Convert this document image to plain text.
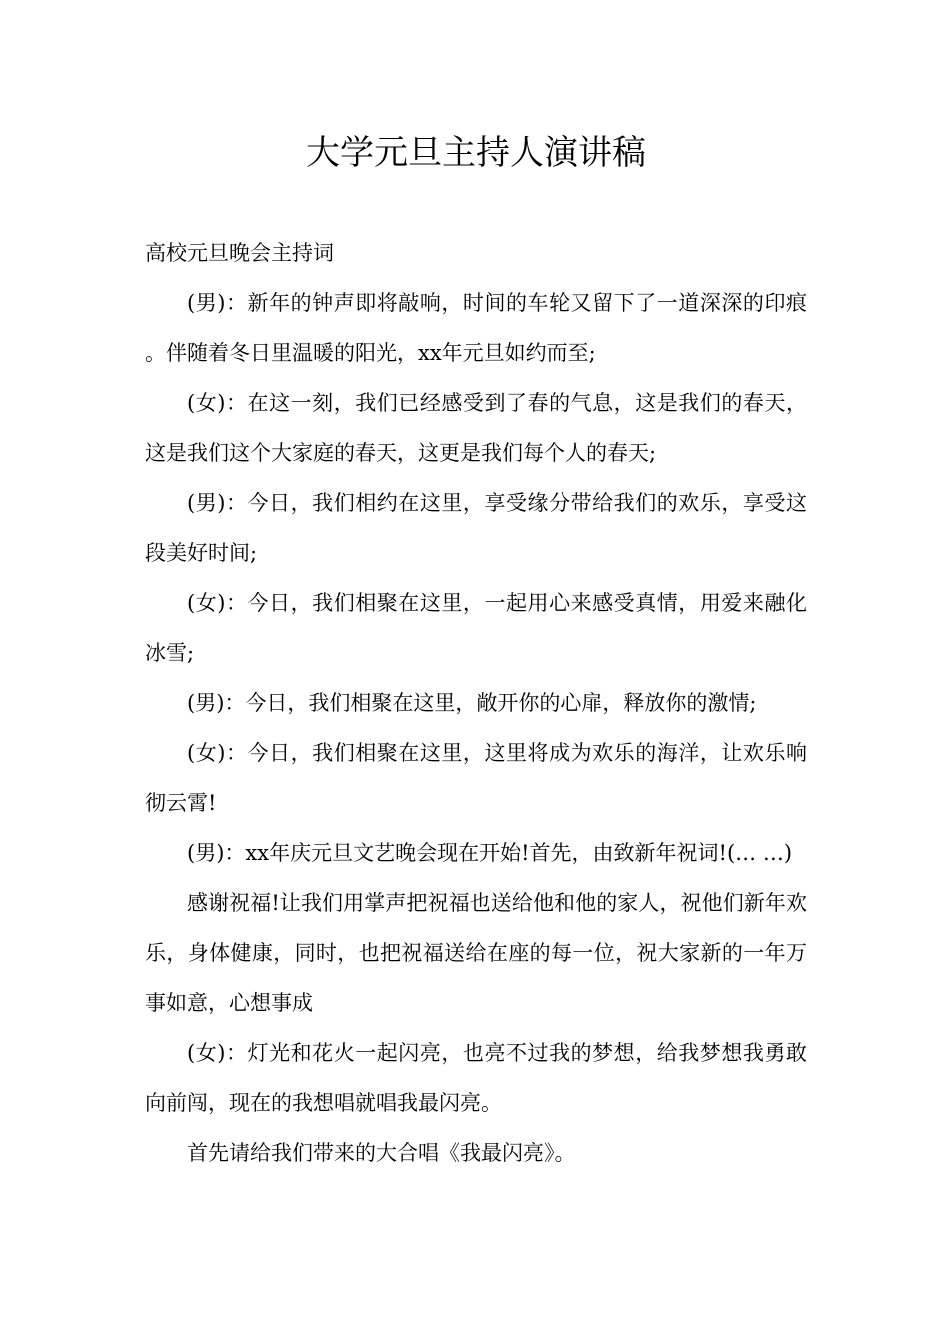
大学元旦主持人演讲稿

高校元旦晚会主持词

(男)：新年的钟声即将敲响，时间的车轮又留下了一道深深的印痕。伴随着冬日里温暖的阳光，xx年元旦如约而至;

(女)：在这一刻，我们已经感受到了春的气息，这是我们的春天，这是我们这个大家庭的春天，这更是我们每个人的春天;

(男)：今日，我们相约在这里，享受缘分带给我们的欢乐，享受这段美好时间;

(女)：今日，我们相聚在这里，一起用心来感受真情，用爱来融化冰雪;

(男)：今日，我们相聚在这里，敞开你的心扉，释放你的激情;

(女)：今日，我们相聚在这里，这里将成为欢乐的海洋，让欢乐响彻云霄!

(男)：xx年庆元旦文艺晚会现在开始!首先，由致新年祝词!(… …)

感谢祝福!让我们用掌声把祝福也送给他和他的家人，祝他们新年欢乐，身体健康，同时，也把祝福送给在座的每一位，祝大家新的一年万事如意，心想事成

(女)：灯光和花火一起闪亮，也亮不过我的梦想，给我梦想我勇敢向前闯，现在的我想唱就唱我最闪亮。

首先请给我们带来的大合唱《我最闪亮》。
